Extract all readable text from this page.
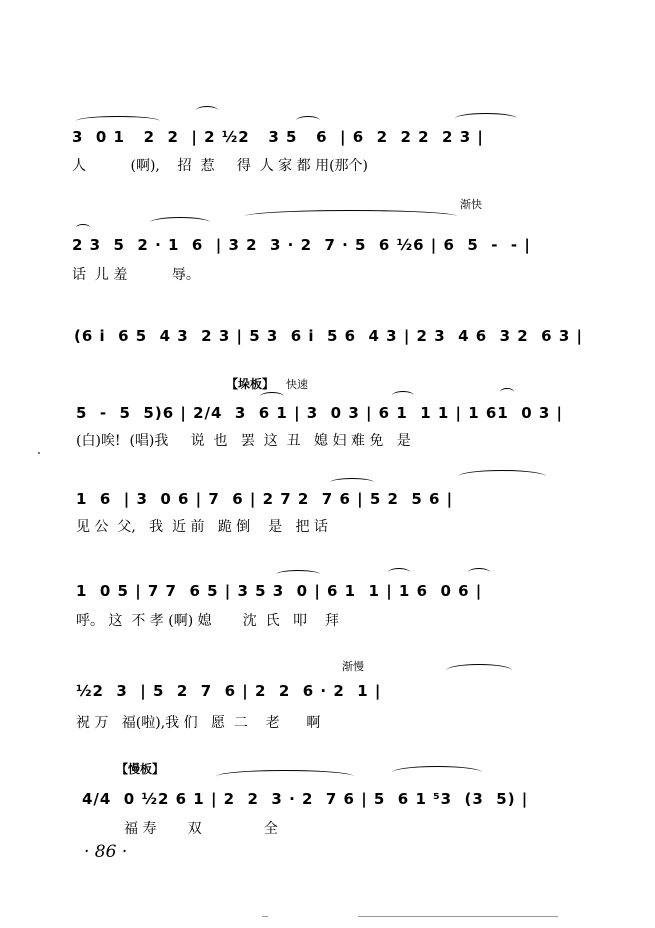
3  0 1   2  2  | 2 ½2   3 5   6  | 6  2  2 2  2 3 |
人          (啊),    招  惹     得  人 家 都 用(那个)
渐快
2 3  5  2 · 1  6  | 3 2  3 · 2  7 · 5  6 ½6 | 6  5  -  - |
话  儿 羞          辱。
(6 i  6 5  4 3  2 3 | 5 3  6 i  5 6  4 3 | 2 3  4 6  3 2  6 3 |
【垛板】 快速
5  -  5  5)6 | 2/4  3  6 1 | 3  0 3 | 6 1  1 1 | 1 61  0 3 |
(白)唉!  (唱)我     说  也   罢  这  丑   媳 妇 难 免   是
1  6  | 3  0 6 | 7  6 | 2 7 2  7 6 | 5 2  5 6 |
见 公  父,   我  近 前   跪 倒    是   把 话
1  0 5 | 7 7  6 5 | 3 5 3  0 | 6 1  1 | 1 6  0 6 |
呼。 这  不 孝 (啊) 媳       沈  氏   叩    拜
渐慢
½2  3  | 5  2  7  6 | 2  2  6 · 2  1 |
祝 万   福(啦),我 们   愿  二    老      啊
【慢板】
4/4  0 ½2 6 1 | 2  2  3 · 2  7 6 | 5  6 1 ⁵3  (3  5) |
福 寿       双              全
· 86 ·
